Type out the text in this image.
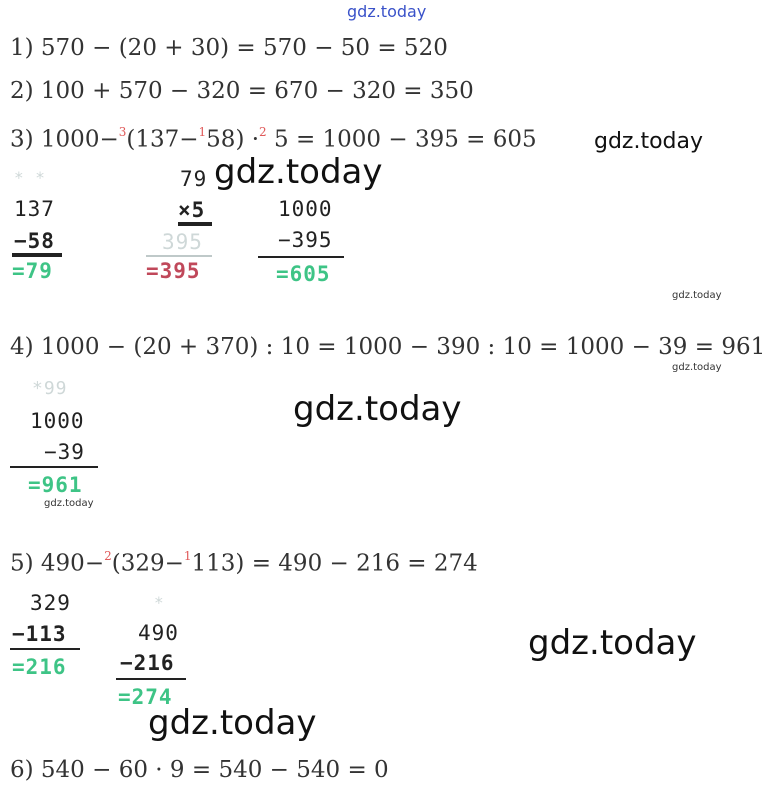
gdz.today
1) 570 − (20 + 30) = 570 − 50 = 520
2) 100 + 570 − 320 = 670 − 320 = 350
3) 1000−$^3$(137−$^1$58) ·$^2$ 5 = 1000 − 395 = 605	gdz.today
* *
137
−58
=79
79 gdz.today
×5
395
=395
1000
−395
=605
gdz.today
4) 1000 − (20 + 370) : 10 = 1000 − 390 : 10 = 1000 − 39 = 961
gdz.today
*99
1000
−39
=961
gdz.today
gdz.today
5) 490−$^2$(329−$^1$113) = 490 − 216 = 274
329
−113
=216
*
490
−216
=274
gdz.today
gdz.today
6) 540 − 60 · 9 = 540 − 540 = 0
